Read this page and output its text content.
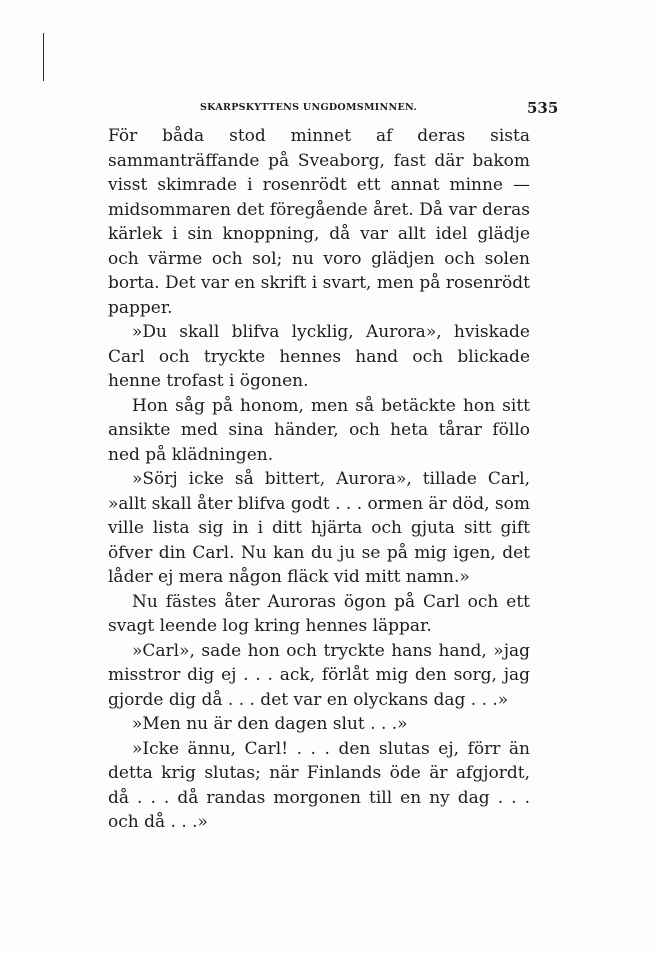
SKARPSKYTTENS UNGDOMSMINNEN.	535

För båda stod minnet af deras sista sammanträffande på Sveaborg, fast där bakom visst skimrade i rosenrödt ett annat minne — midsommaren det föregående året. Då var deras kärlek i sin knoppning, då var allt idel glädje och värme och sol; nu voro glädjen och solen borta. Det var en skrift i svart, men på rosenrödt papper.

»Du skall blifva lycklig, Aurora», hviskade Carl och tryckte hennes hand och blickade henne trofast i ögonen.

Hon såg på honom, men så betäckte hon sitt ansikte med sina händer, och heta tårar föllo ned på klädningen.

»Sörj icke så bittert, Aurora», tillade Carl, »allt skall åter blifva godt . . . ormen är död, som ville lista sig in i ditt hjärta och gjuta sitt gift öfver din Carl. Nu kan du ju se på mig igen, det låder ej mera någon fläck vid mitt namn.»

Nu fästes åter Auroras ögon på Carl och ett svagt leende log kring hennes läppar.

»Carl», sade hon och tryckte hans hand, »jag misstror dig ej . . . ack, förlåt mig den sorg, jag gjorde dig då . . . det var en olyckans dag . . .»

»Men nu är den dagen slut . . .»

»Icke ännu, Carl! . . . den slutas ej, förr än detta krig slutas; när Finlands öde är afgjordt, då . . . då randas morgonen till en ny dag . . . och då . . .»
